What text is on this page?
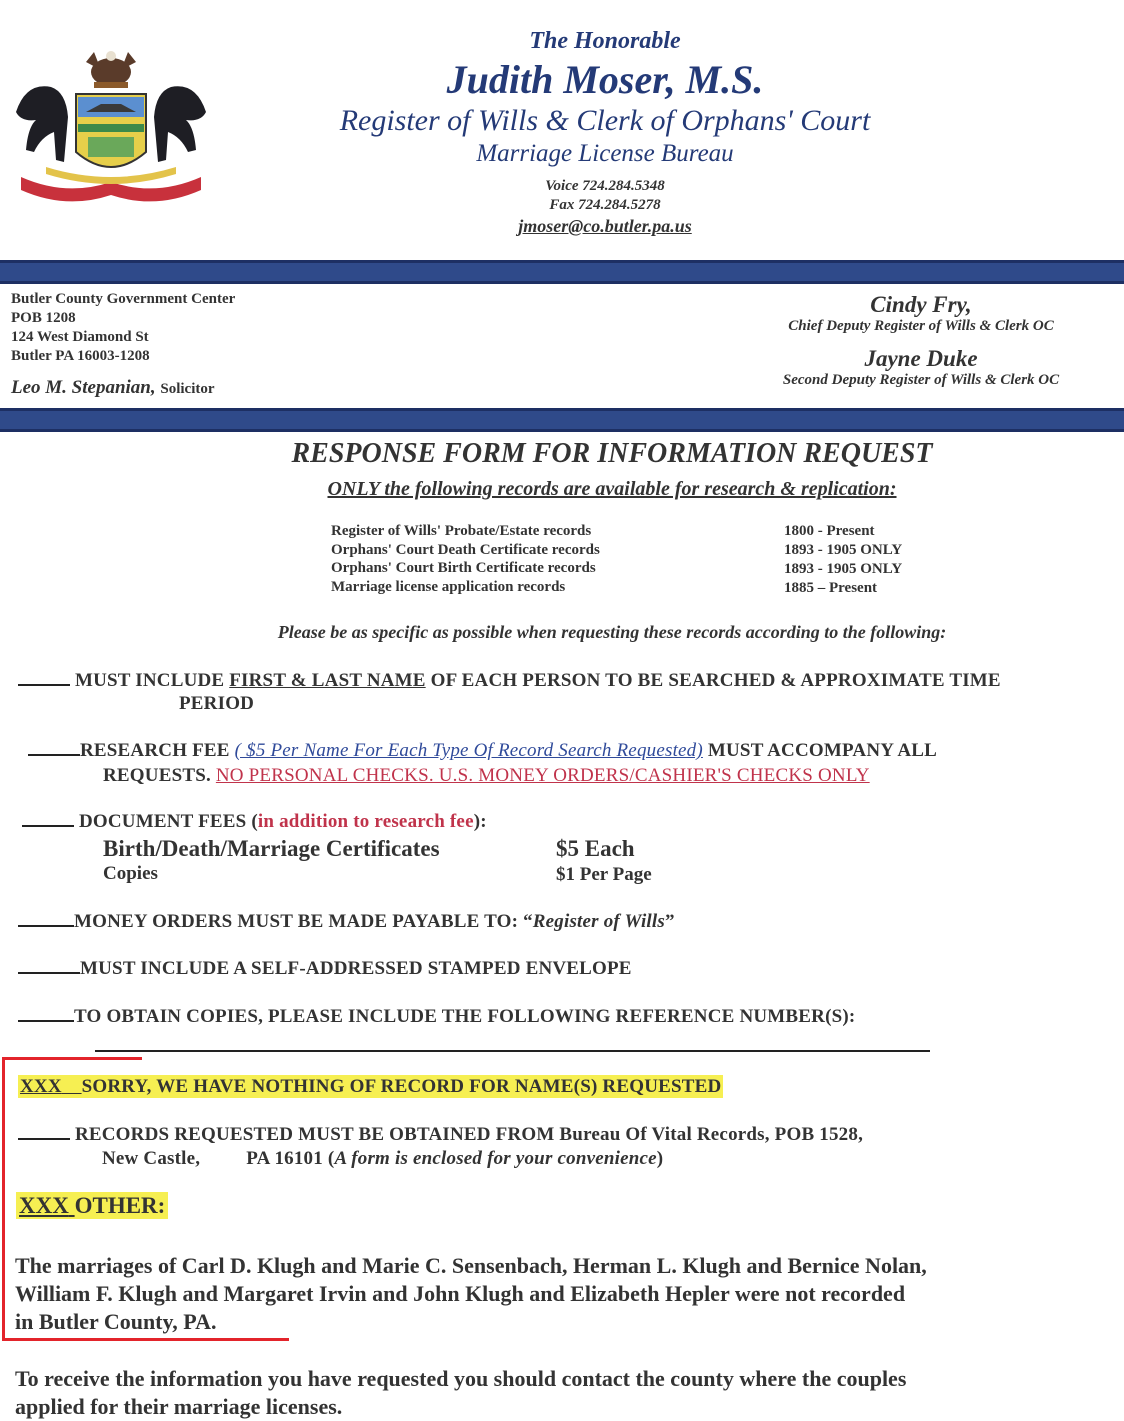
The Honorable
Judith Moser, M.S.
Register of Wills & Clerk of Orphans' Court
Marriage License Bureau
Voice 724.284.5348
Fax 724.284.5278
jmoser@co.butler.pa.us
Butler County Government Center
POB 1208
124 West Diamond St
Butler PA 16003-1208
Leo M. Stepanian, Solicitor
Cindy Fry,
Chief Deputy Register of Wills & Clerk OC
Jayne Duke
Second Deputy Register of Wills & Clerk OC
RESPONSE FORM FOR INFORMATION REQUEST
ONLY the following records are available for research & replication:
Register of Wills' Probate/Estate records	1800 - Present
Orphans' Court Death Certificate records	1893 - 1905 ONLY
Orphans' Court Birth Certificate records	1893 - 1905 ONLY
Marriage license application records	1885 – Present
Please be as specific as possible when requesting these records according to the following:
MUST INCLUDE FIRST & LAST NAME OF EACH PERSON TO BE SEARCHED & APPROXIMATE TIME
PERIOD
RESEARCH FEE ( $5 Per Name For Each Type Of Record Search Requested) MUST ACCOMPANY ALL
REQUESTS. NO PERSONAL CHECKS. U.S. MONEY ORDERS/CASHIER'S CHECKS ONLY
DOCUMENT FEES (in addition to research fee):
Birth/Death/Marriage Certificates	$5 Each
Copies	$1 Per Page
MONEY ORDERS MUST BE MADE PAYABLE TO: “Register of Wills”
MUST INCLUDE A SELF-ADDRESSED STAMPED ENVELOPE
TO OBTAIN COPIES, PLEASE INCLUDE THE FOLLOWING REFERENCE NUMBER(S):
XXX SORRY, WE HAVE NOTHING OF RECORD FOR NAME(S) REQUESTED
RECORDS REQUESTED MUST BE OBTAINED FROM Bureau Of Vital Records, POB 1528,
New Castle, PA 16101 (A form is enclosed for your convenience)
XXX OTHER:
The marriages of Carl D. Klugh and Marie C. Sensenbach, Herman L. Klugh and Bernice Nolan,
William F. Klugh and Margaret Irvin and John Klugh and Elizabeth Hepler were not recorded
in Butler County, PA.
To receive the information you have requested you should contact the county where the couples
applied for their marriage licenses.
